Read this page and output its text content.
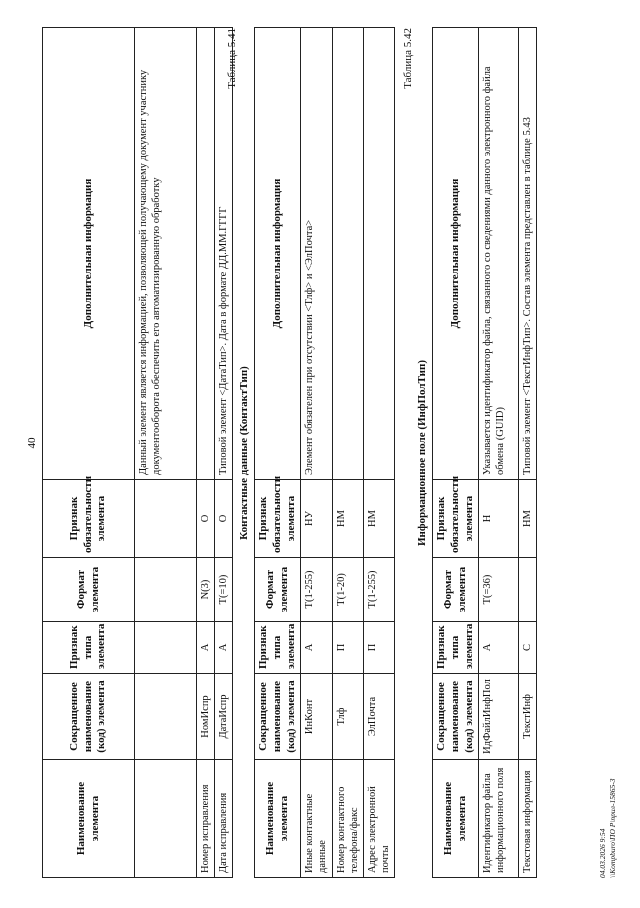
40
Наименование элемента	Сокращенное наименование (код) элемента	Признак типа элемента	Формат элемента	Признак обязательности элемента	Дополнительная информация
					Данный элемент является информацией, позволяющей получающему документ участнику документооборота обеспечить его автоматизированную обработку
Номер исправления	НомИспр	А	N(3)	О	
Дата исправления	ДатаИспр	А	T(=10)	О	Типовой элемент <ДатаТип>. Дата в формате ДД.ММ.ГГГГ
Таблица 5.41
Контактные данные (КонтактТип)
Наименование элемента	Сокращенное наименование (код) элемента	Признак типа элемента	Формат элемента	Признак обязательности элемента	Дополнительная информация
Иные контактные данные	ИнКонт	А	T(1-255)	НУ	Элемент обязателен при отсутствии <Тлф> и <ЭлПочта>
Номер контактного телефона/факс	Тлф	П	T(1-20)	НМ	
Адрес электронной почты	ЭлПочта	П	T(1-255)	НМ	
Таблица 5.42
Информационное поле (ИнфПолТип)
Наименование элемента	Сокращенное наименование (код) элемента	Признак типа элемента	Формат элемента	Признак обязательности элемента	Дополнительная информация
Идентификатор файла информационного поля	ИдФайлИнфПол	А	T(=36)	Н	Указывается идентификатор файла, связанного со сведениями данного электронного файла обмена (GUID)
Текстовая информация	ТекстИнф	С		НМ	Типовой элемент <ТекстИнфТип>. Состав элемента представлен в таблице 5.43
04.03.2026 9:54 \\Kompburo\ПО Р\прил-15865-3
